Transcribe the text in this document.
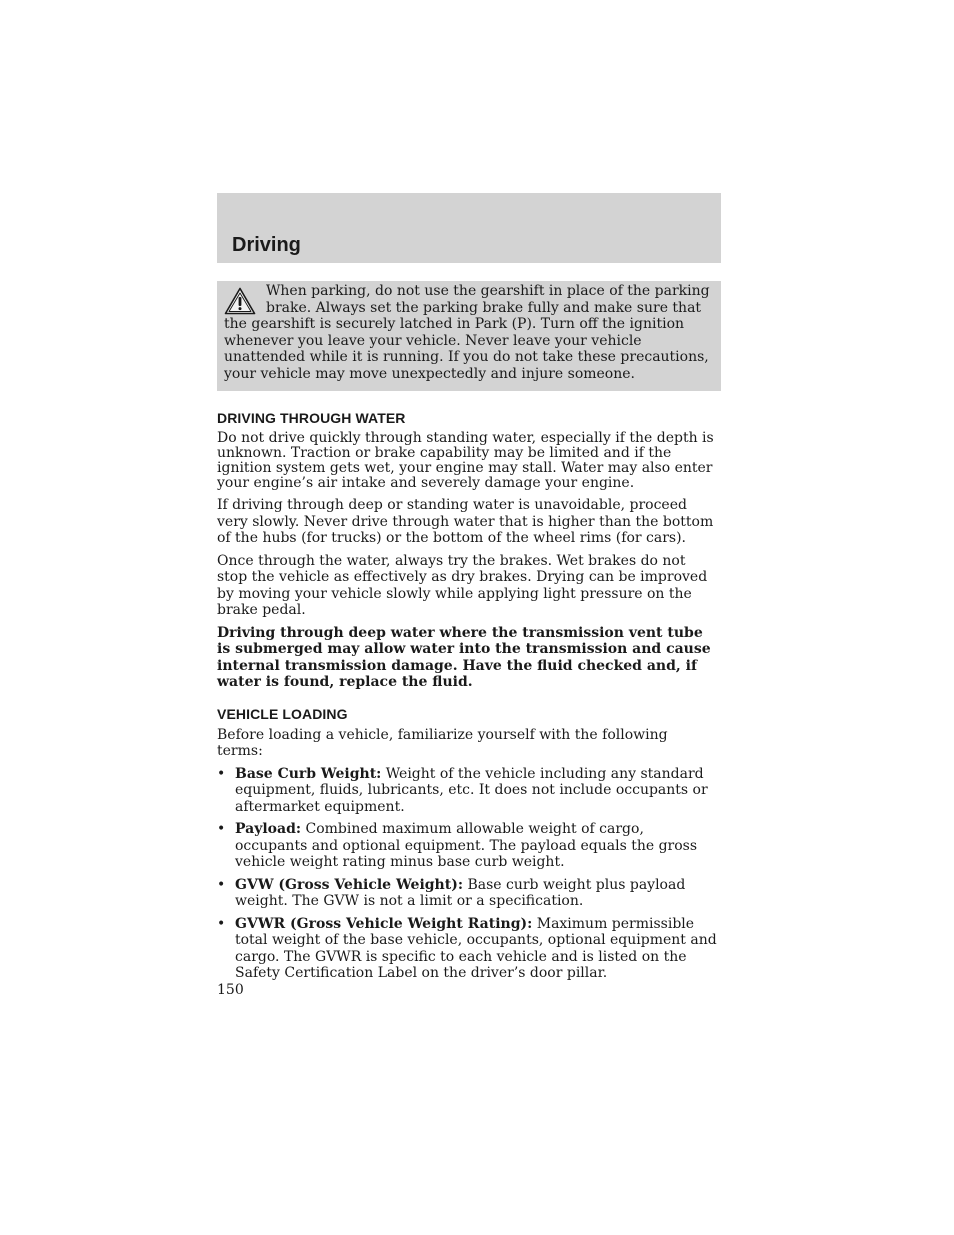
Driving

When parking, do not use the gearshift in place of the parking brake. Always set the parking brake fully and make sure that the gearshift is securely latched in Park (P). Turn off the ignition whenever you leave your vehicle. Never leave your vehicle unattended while it is running. If you do not take these precautions, your vehicle may move unexpectedly and injure someone.

DRIVING THROUGH WATER

Do not drive quickly through standing water, especially if the depth is unknown. Traction or brake capability may be limited and if the ignition system gets wet, your engine may stall. Water may also enter your engine’s air intake and severely damage your engine.

If driving through deep or standing water is unavoidable, proceed very slowly. Never drive through water that is higher than the bottom of the hubs (for trucks) or the bottom of the wheel rims (for cars).

Once through the water, always try the brakes. Wet brakes do not stop the vehicle as effectively as dry brakes. Drying can be improved by moving your vehicle slowly while applying light pressure on the brake pedal.

Driving through deep water where the transmission vent tube is submerged may allow water into the transmission and cause internal transmission damage. Have the fluid checked and, if water is found, replace the fluid.

VEHICLE LOADING

Before loading a vehicle, familiarize yourself with the following terms:

• Base Curb Weight: Weight of the vehicle including any standard equipment, fluids, lubricants, etc. It does not include occupants or aftermarket equipment.
• Payload: Combined maximum allowable weight of cargo, occupants and optional equipment. The payload equals the gross vehicle weight rating minus base curb weight.
• GVW (Gross Vehicle Weight): Base curb weight plus payload weight. The GVW is not a limit or a specification.
• GVWR (Gross Vehicle Weight Rating): Maximum permissible total weight of the base vehicle, occupants, optional equipment and cargo. The GVWR is specific to each vehicle and is listed on the Safety Certification Label on the driver’s door pillar.
150
